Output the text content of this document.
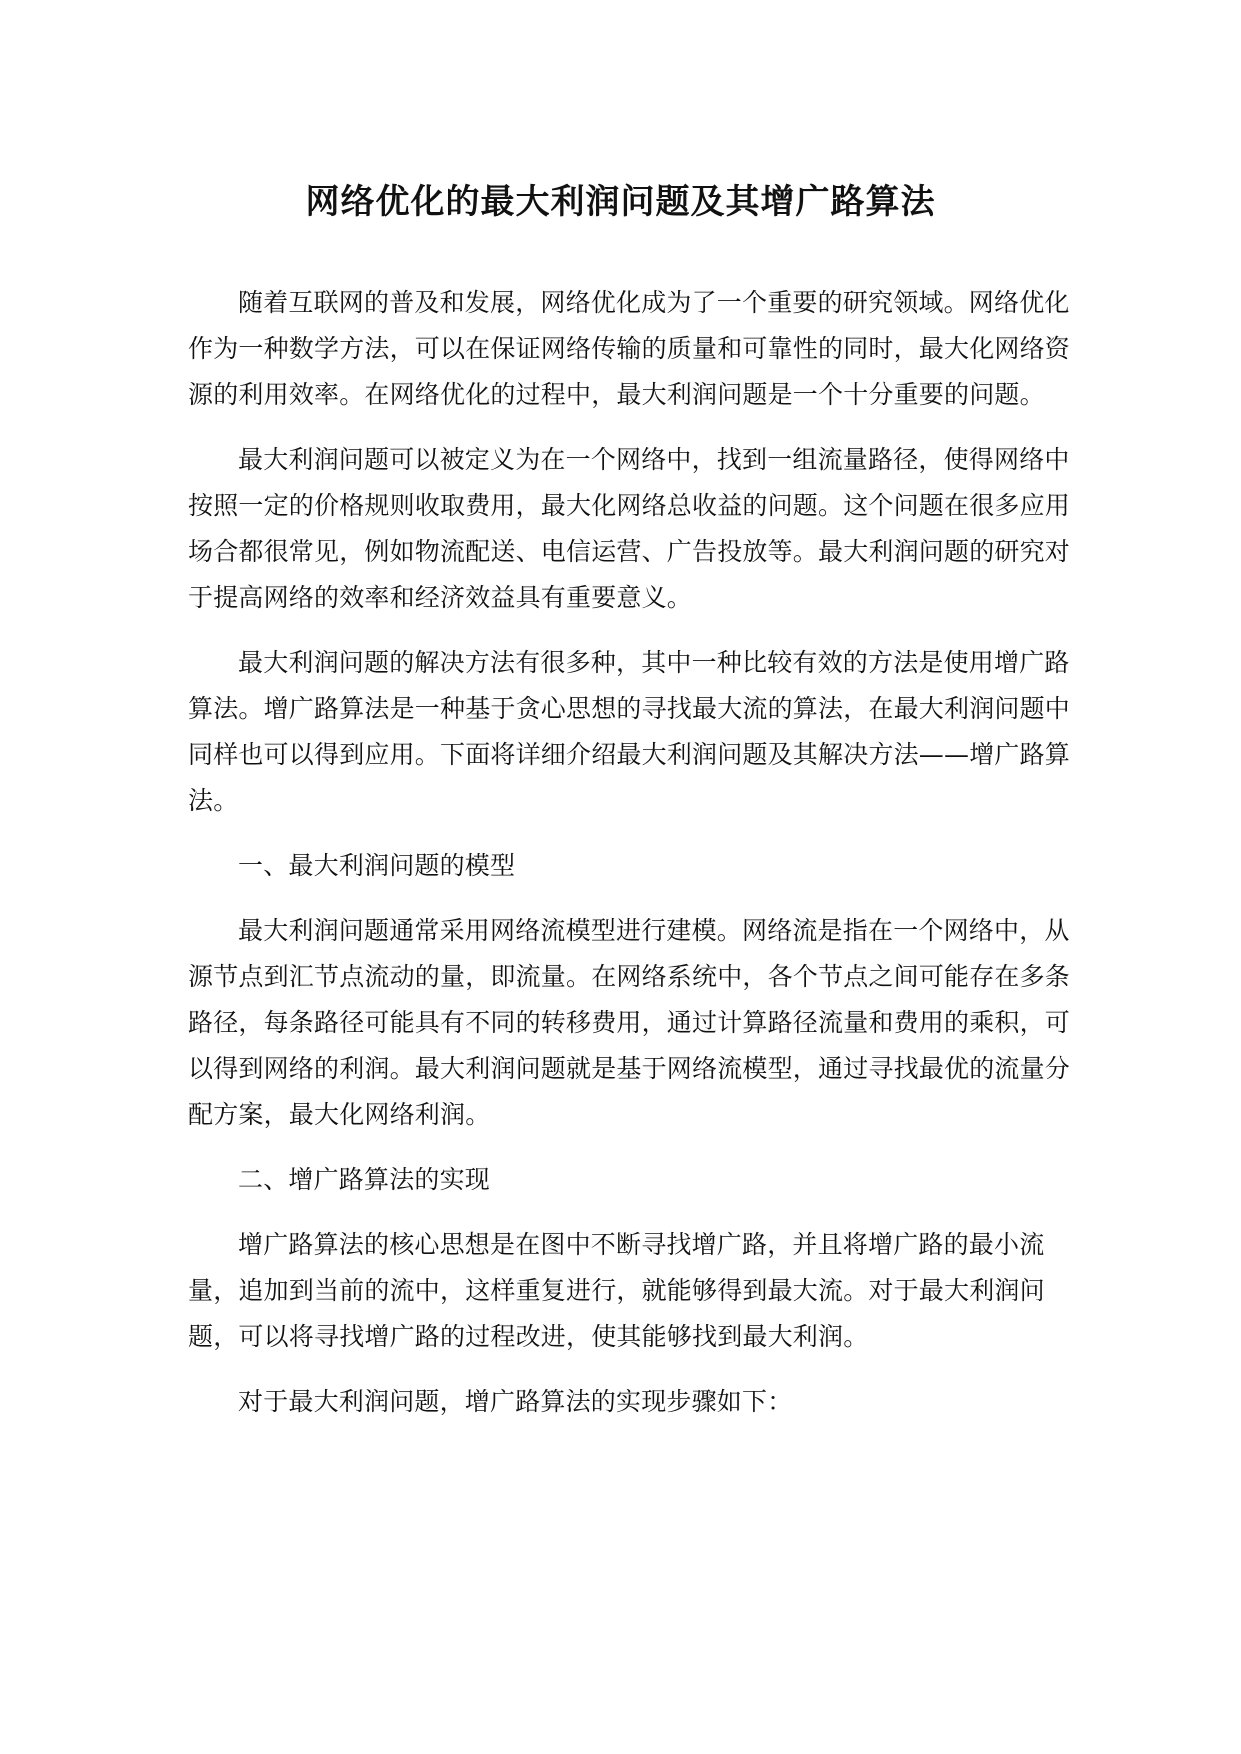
网络优化的最大利润问题及其增广路算法

随着互联网的普及和发展，网络优化成为了一个重要的研究领域。网络优化作为一种数学方法，可以在保证网络传输的质量和可靠性的同时，最大化网络资源的利用效率。在网络优化的过程中，最大利润问题是一个十分重要的问题。

最大利润问题可以被定义为在一个网络中，找到一组流量路径，使得网络中按照一定的价格规则收取费用，最大化网络总收益的问题。这个问题在很多应用场合都很常见，例如物流配送、电信运营、广告投放等。最大利润问题的研究对于提高网络的效率和经济效益具有重要意义。

最大利润问题的解决方法有很多种，其中一种比较有效的方法是使用增广路算法。增广路算法是一种基于贪心思想的寻找最大流的算法，在最大利润问题中同样也可以得到应用。下面将详细介绍最大利润问题及其解决方法——增广路算法。

一、最大利润问题的模型

最大利润问题通常采用网络流模型进行建模。网络流是指在一个网络中，从源节点到汇节点流动的量，即流量。在网络系统中，各个节点之间可能存在多条路径，每条路径可能具有不同的转移费用，通过计算路径流量和费用的乘积，可以得到网络的利润。最大利润问题就是基于网络流模型，通过寻找最优的流量分配方案，最大化网络利润。

二、增广路算法的实现

增广路算法的核心思想是在图中不断寻找增广路，并且将增广路的最小流量，追加到当前的流中，这样重复进行，就能够得到最大流。对于最大利润问题，可以将寻找增广路的过程改进，使其能够找到最大利润。

对于最大利润问题，增广路算法的实现步骤如下：
